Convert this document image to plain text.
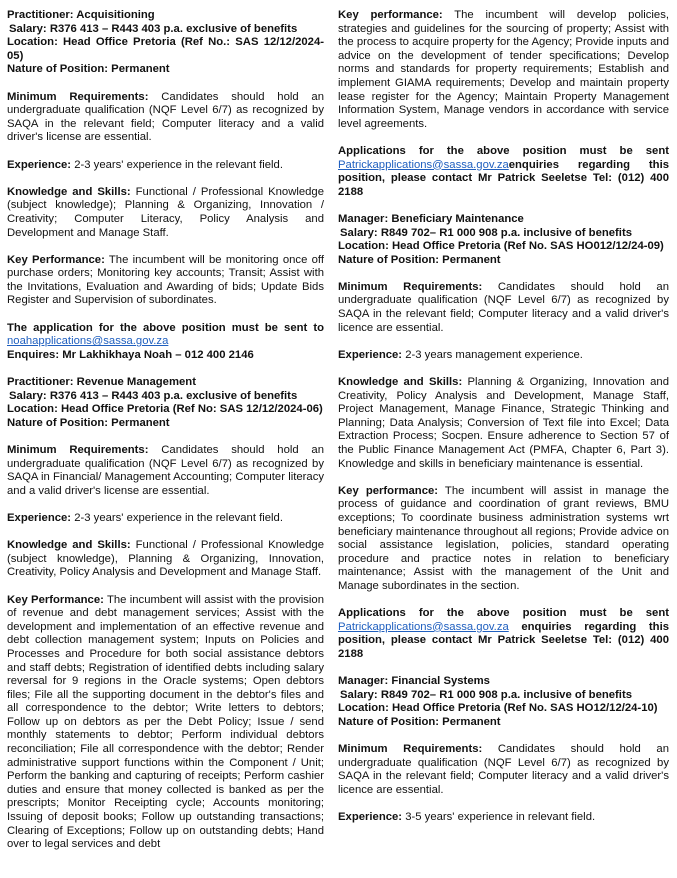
Practitioner: Acquisitioning

Salary: R376 413 – R443 403 p.a. exclusive of benefits

Location: Head Office Pretoria (Ref No.: SAS 12/12/2024-05)

Nature of Position: Permanent

Minimum Requirements: Candidates should hold an undergraduate qualification (NQF Level 6/7) as recognized by SAQA in the relevant field; Computer literacy and a valid driver's license are essential.

Experience: 2-3 years' experience in the relevant field.

Knowledge and Skills: Functional / Professional Knowledge (subject knowledge); Planning & Organizing, Innovation / Creativity; Computer Literacy, Policy Analysis and Development and Manage Staff.

Key Performance: The incumbent will be monitoring once off purchase orders; Monitoring key accounts; Transit; Assist with the Invitations, Evaluation and Awarding of bids; Update Bids Register and Supervision of subordinates.

The application for the above position must be sent to noahapplications@sassa.gov.za

Enquires: Mr Lakhikhaya Noah – 012 400 2146

Practitioner: Revenue Management

Salary: R376 413 – R443 403 p.a. exclusive of benefits

Location: Head Office Pretoria (Ref No: SAS 12/12/2024-06)

Nature of Position: Permanent

Minimum Requirements: Candidates should hold an undergraduate qualification (NQF Level 6/7) as recognized by SAQA in Financial/ Management Accounting; Computer literacy and a valid driver's license are essential.

Experience: 2-3 years' experience in the relevant field.

Knowledge and Skills: Functional / Professional Knowledge (subject knowledge), Planning & Organizing, Innovation, Creativity, Policy Analysis and Development and Manage Staff.

Key Performance: The incumbent will assist with the provision of revenue and debt management services; Assist with the development and implementation of an effective revenue and debt collection management system; Inputs on Policies and Processes and Procedure for both social assistance debtors and staff debts; Registration of identified debts including salary reversal for 9 regions in the Oracle systems; Open debtors files; File all the supporting document in the debtor's files and all correspondence to the debtor; Write letters to debtors; Follow up on debtors as per the Debt Policy; Issue / send monthly statements to debtor; Perform individual debtors reconciliation; File all correspondence with the debtor; Render administrative support functions within the Component / Unit; Perform the banking and capturing of receipts; Perform cashier duties and ensure that money collected is banked as per the prescripts; Monitor Receipting cycle; Accounts monitoring; Issuing of deposit books; Follow up outstanding transactions; Clearing of Exceptions; Follow up on outstanding debts; Hand over to legal services and debt

Key performance: The incumbent will develop policies, strategies and guidelines for the sourcing of property; Assist with the process to acquire property for the Agency; Provide inputs and advice on the development of tender specifications; Develop norms and standards for property requirements; Establish and implement GIAMA requirements; Develop and maintain property lease register for the Agency; Maintain Property Management Information System, Manage vendors in accordance with service level agreements.

Applications for the above position must be sent Patrickapplications@sassa.gov.zaenquiries regarding this position, please contact Mr Patrick Seeletse Tel: (012) 400 2188

Manager: Beneficiary Maintenance

Salary: R849 702– R1 000 908 p.a. inclusive of benefits

Location: Head Office Pretoria (Ref No. SAS HO012/12/24-09)

Nature of Position: Permanent

Minimum Requirements: Candidates should hold an undergraduate qualification (NQF Level 6/7) as recognized by SAQA in the relevant field; Computer literacy and a valid driver's licence are essential.

Experience: 2-3 years management experience.

Knowledge and Skills: Planning & Organizing, Innovation and Creativity, Policy Analysis and Development, Manage Staff, Project Management, Manage Finance, Strategic Thinking and Planning; Data Analysis; Conversion of Text file into Excel; Data Extraction Process; Socpen. Ensure adherence to Section 57 of the Public Finance Management Act (PMFA, Chapter 6, Part 3). Knowledge and skills in beneficiary maintenance is essential.

Key performance: The incumbent will assist in manage the process of guidance and coordination of grant reviews, BMU exceptions; To coordinate business administration systems wrt beneficiary maintenance throughout all regions; Provide advice on social assistance legislation, policies, standard operating procedure and practice notes in relation to beneficiary maintenance; Assist with the management of the Unit and Manage subordinates in the section.

Applications for the above position must be sent Patrickapplications@sassa.gov.za enquiries regarding this position, please contact Mr Patrick Seeletse Tel: (012) 400 2188

Manager: Financial Systems

Salary: R849 702– R1 000 908 p.a. inclusive of benefits

Location: Head Office Pretoria (Ref No. SAS HO12/12/24-10)

Nature of Position: Permanent

Minimum Requirements: Candidates should hold an undergraduate qualification (NQF Level 6/7) as recognized by SAQA in the relevant field; Computer literacy and a valid driver's licence are essential.

Experience: 3-5 years' experience in relevant field.
